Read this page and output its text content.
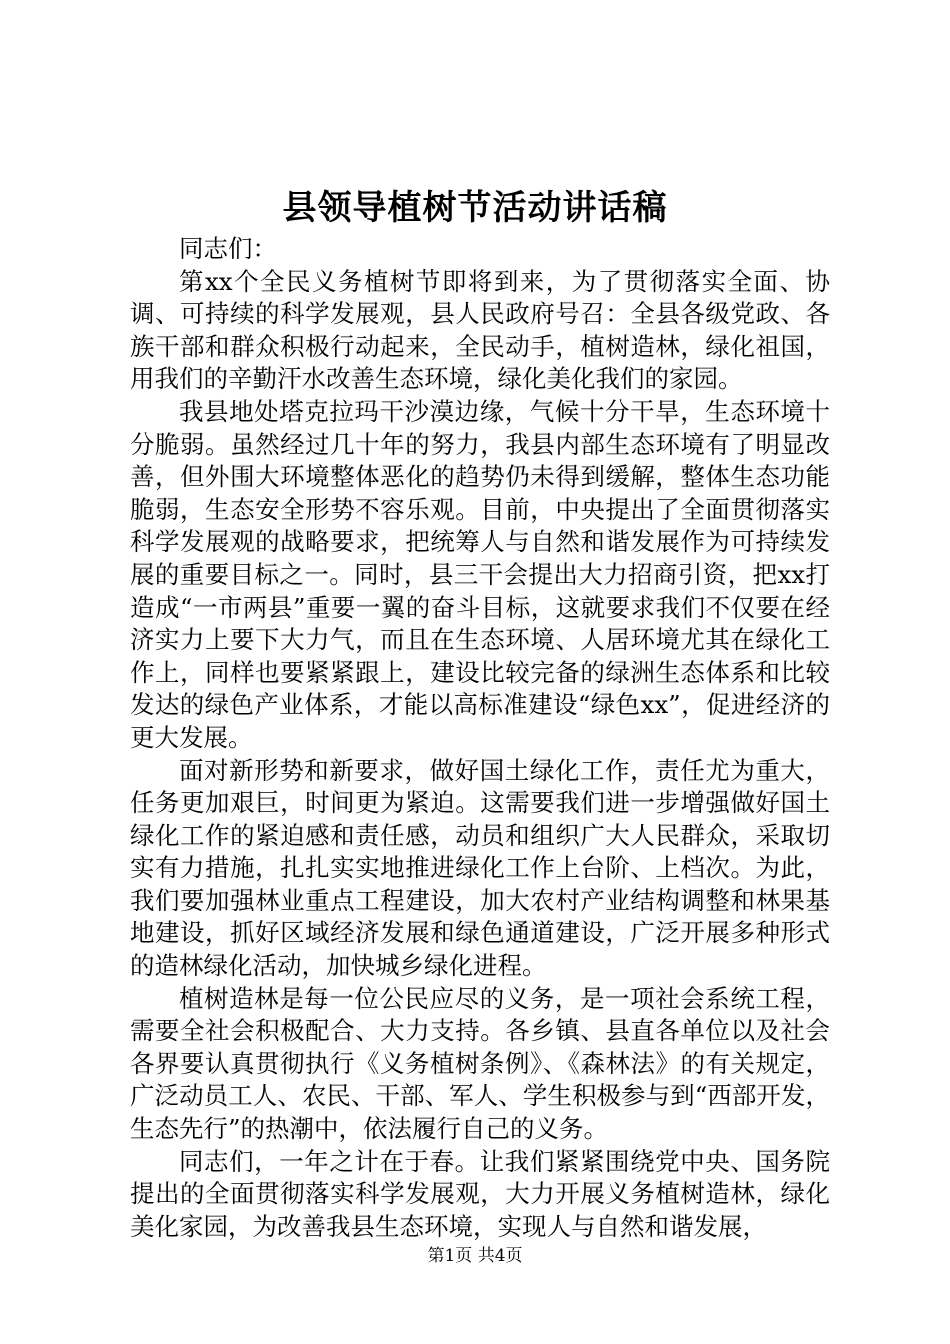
县领导植树节活动讲话稿

同志们：

第xx个全民义务植树节即将到来，为了贯彻落实全面、协调、可持续的科学发展观，县人民政府号召：全县各级党政、各族干部和群众积极行动起来，全民动手，植树造林，绿化祖国，用我们的辛勤汗水改善生态环境，绿化美化我们的家园。

我县地处塔克拉玛干沙漠边缘，气候十分干旱，生态环境十分脆弱。虽然经过几十年的努力，我县内部生态环境有了明显改善，但外围大环境整体恶化的趋势仍未得到缓解，整体生态功能脆弱，生态安全形势不容乐观。目前，中央提出了全面贯彻落实科学发展观的战略要求，把统筹人与自然和谐发展作为可持续发展的重要目标之一。同时，县三干会提出大力招商引资，把xx打造成“一市两县”重要一翼的奋斗目标，这就要求我们不仅要在经济实力上要下大力气，而且在生态环境、人居环境尤其在绿化工作上，同样也要紧紧跟上，建设比较完备的绿洲生态体系和比较发达的绿色产业体系，才能以高标准建设“绿色xx”，促进经济的更大发展。

面对新形势和新要求，做好国土绿化工作，责任尤为重大，任务更加艰巨，时间更为紧迫。这需要我们进一步增强做好国土绿化工作的紧迫感和责任感，动员和组织广大人民群众，采取切实有力措施，扎扎实实地推进绿化工作上台阶、上档次。为此，我们要加强林业重点工程建设，加大农村产业结构调整和林果基地建设，抓好区域经济发展和绿色通道建设，广泛开展多种形式的造林绿化活动，加快城乡绿化进程。

植树造林是每一位公民应尽的义务，是一项社会系统工程，需要全社会积极配合、大力支持。各乡镇、县直各单位以及社会各界要认真贯彻执行《义务植树条例》、《森林法》的有关规定，广泛动员工人、农民、干部、军人、学生积极参与到“西部开发，生态先行”的热潮中，依法履行自己的义务。

同志们，一年之计在于春。让我们紧紧围绕党中央、国务院提出的全面贯彻落实科学发展观，大力开展义务植树造林，绿化美化家园，为改善我县生态环境，实现人与自然和谐发展，

第1页 共4页
